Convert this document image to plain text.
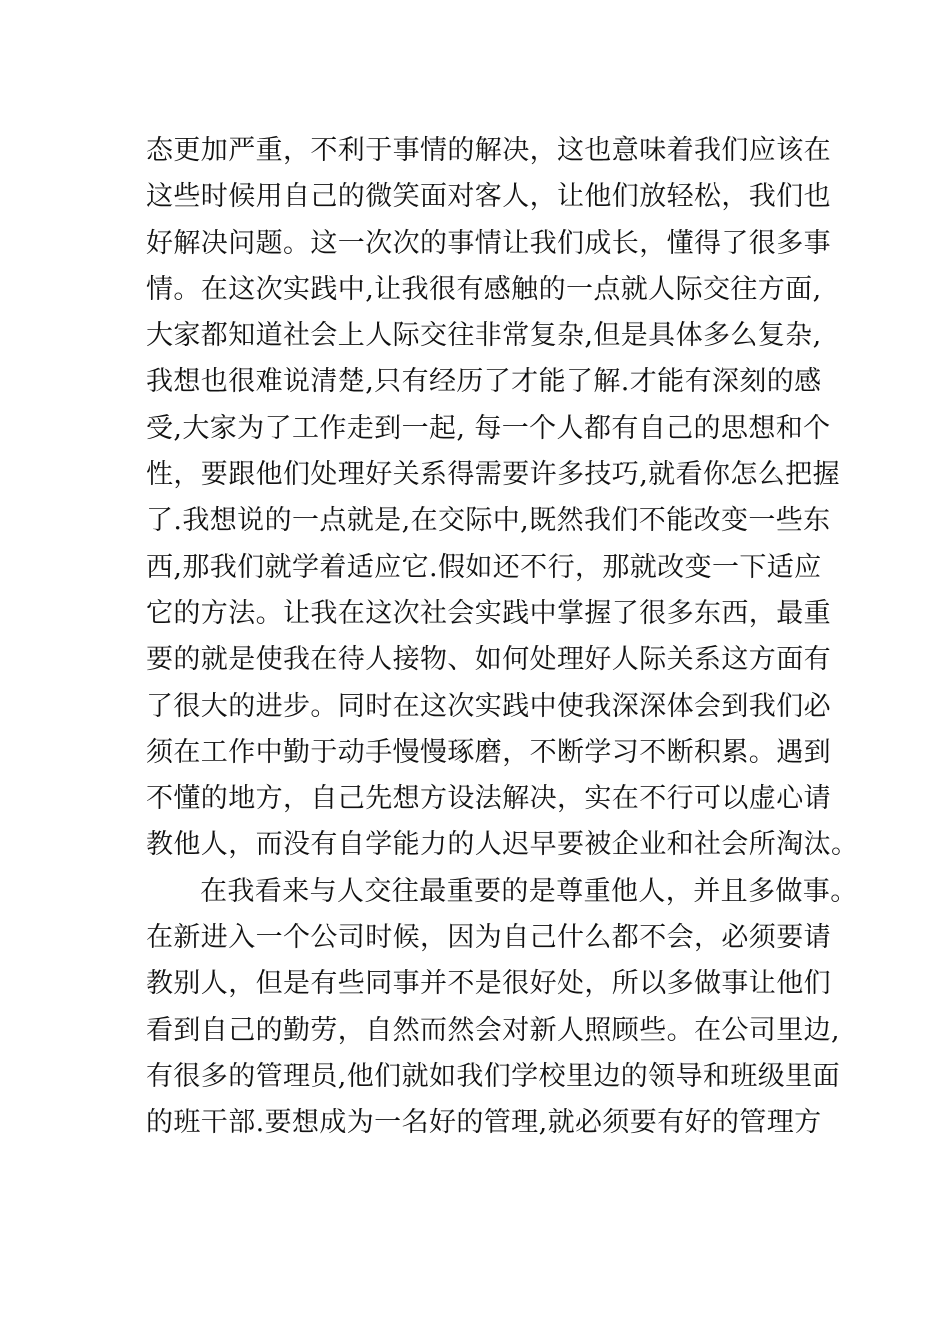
态更加严重，不利于事情的解决，这也意味着我们应该在
这些时候用自己的微笑面对客人，让他们放轻松，我们也
好解决问题。这一次次的事情让我们成长，懂得了很多事
情。在这次实践中,让我很有感触的一点就人际交往方面,
大家都知道社会上人际交往非常复杂,但是具体多么复杂,
我想也很难说清楚,只有经历了才能了解.才能有深刻的感
受,大家为了工作走到一起, 每一个人都有自己的思想和个
性，要跟他们处理好关系得需要许多技巧,就看你怎么把握
了.我想说的一点就是,在交际中,既然我们不能改变一些东
西,那我们就学着适应它.假如还不行，那就改变一下适应
它的方法。让我在这次社会实践中掌握了很多东西，最重
要的就是使我在待人接物、如何处理好人际关系这方面有
了很大的进步。同时在这次实践中使我深深体会到我们必
须在工作中勤于动手慢慢琢磨，不断学习不断积累。遇到
不懂的地方，自己先想方设法解决，实在不行可以虚心请
教他人，而没有自学能力的人迟早要被企业和社会所淘汰。
在我看来与人交往最重要的是尊重他人，并且多做事。
在新进入一个公司时候，因为自己什么都不会，必须要请
教别人，但是有些同事并不是很好处，所以多做事让他们
看到自己的勤劳，自然而然会对新人照顾些。在公司里边,
有很多的管理员,他们就如我们学校里边的领导和班级里面
的班干部.要想成为一名好的管理,就必须要有好的管理方
